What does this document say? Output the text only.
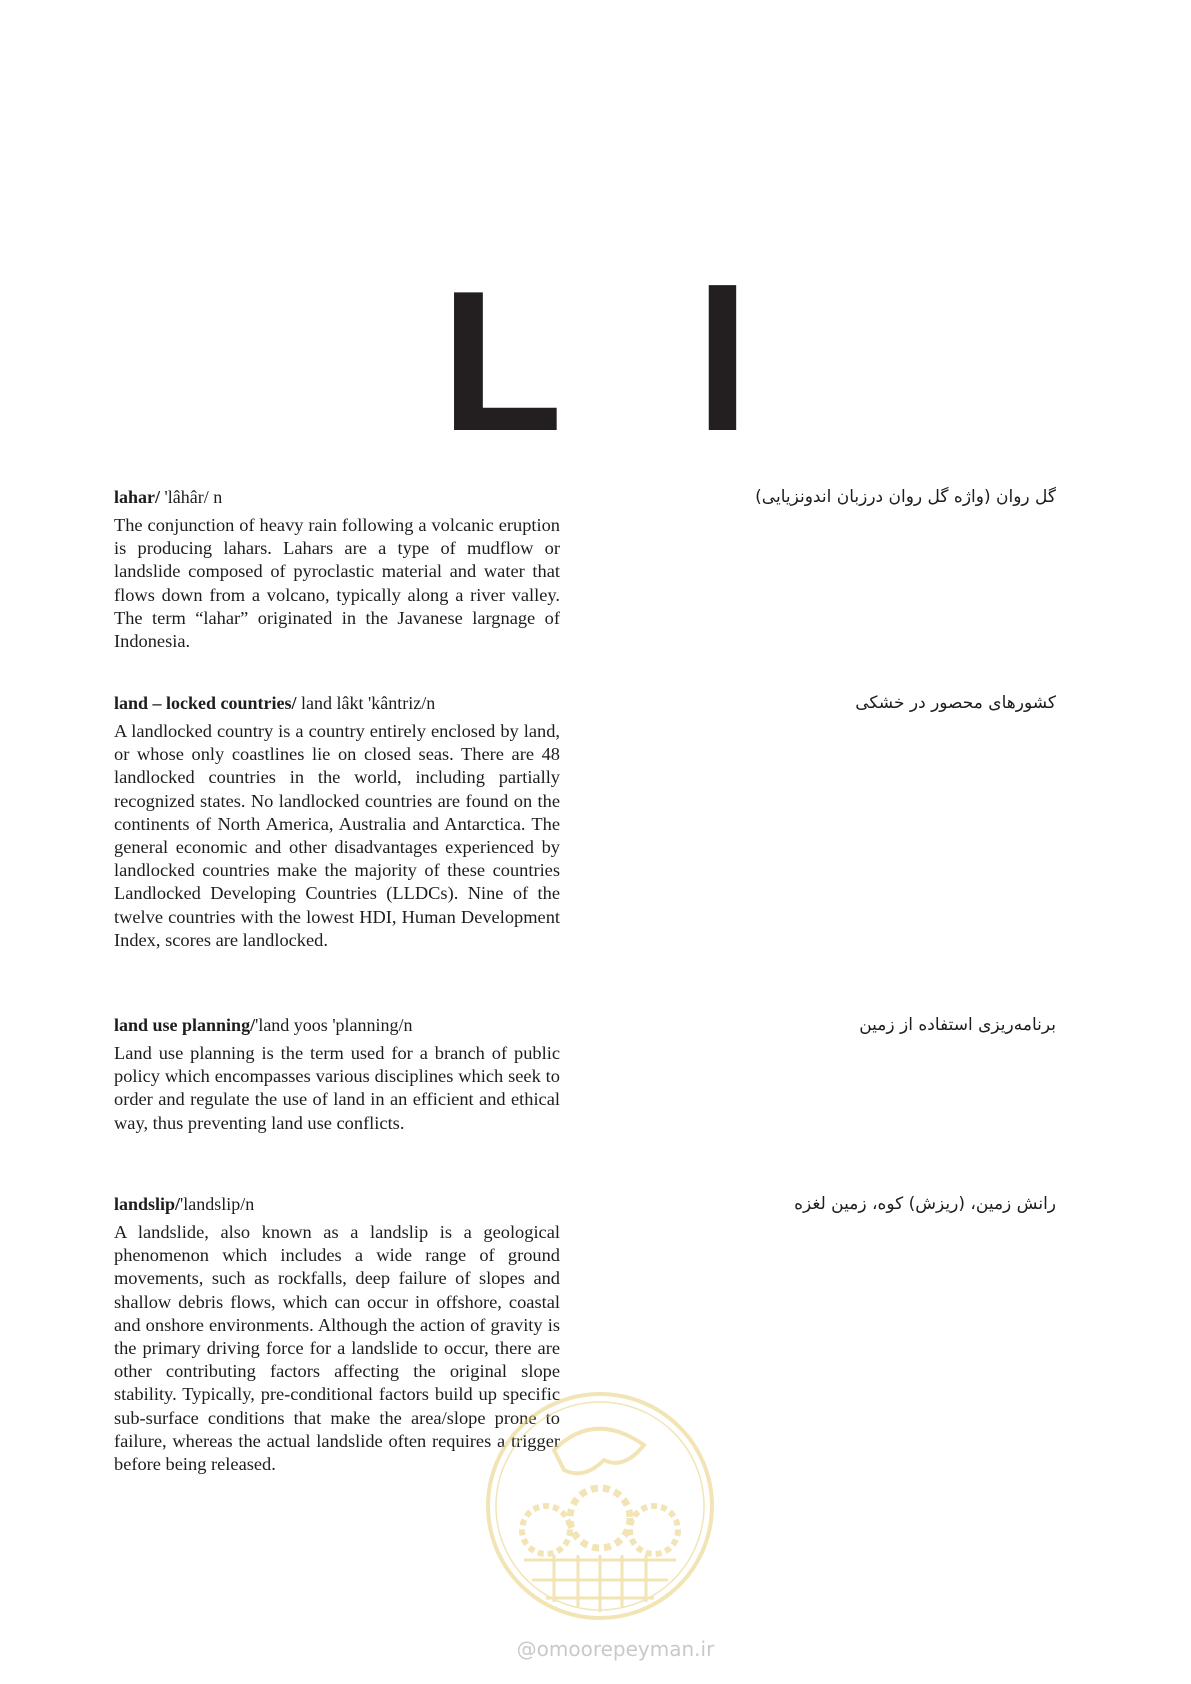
L l
lahar/ 'lâhâr/ n

The conjunction of heavy rain following a volcanic eruption is producing lahars. Lahars are a type of mudflow or landslide composed of pyroclastic material and water that flows down from a volcano, typically along a river valley. The term “lahar” originated in the Javanese largnage of Indonesia.

گل روان (واژه گل روان درزبان اندونزیایی)
land – locked countries/ land lâkt 'kântriz/n

A landlocked country is a country entirely enclosed by land, or whose only coastlines lie on closed seas. There are 48 landlocked countries in the world, including partially recognized states. No landlocked countries are found on the continents of North America, Australia and Antarctica. The general economic and other disadvantages experienced by landlocked countries make the majority of these countries Landlocked Developing Countries (LLDCs). Nine of the twelve countries with the lowest HDI, Human Development Index, scores are landlocked.

کشورهای محصور در خشکی
land use planning/'land yoos 'planning/n

Land use planning is the term used for a branch of public policy which encompasses various disciplines which seek to order and regulate the use of land in an efficient and ethical way, thus preventing land use conflicts.

برنامه‌ریزی استفاده از زمین
landslip/'landslip/n

A landslide, also known as a landslip is a geological phenomenon which includes a wide range of ground movements, such as rockfalls, deep failure of slopes and shallow debris flows, which can occur in offshore, coastal and onshore environments. Although the action of gravity is the primary driving force for a landslide to occur, there are other contributing factors affecting the original slope stability. Typically, pre-conditional factors build up specific sub-surface conditions that make the area/slope prone to failure, whereas the actual landslide often requires a trigger before being released.

رانش زمین، (ریزش) کوه، زمین لغزه
@omoorepeyman.ir
